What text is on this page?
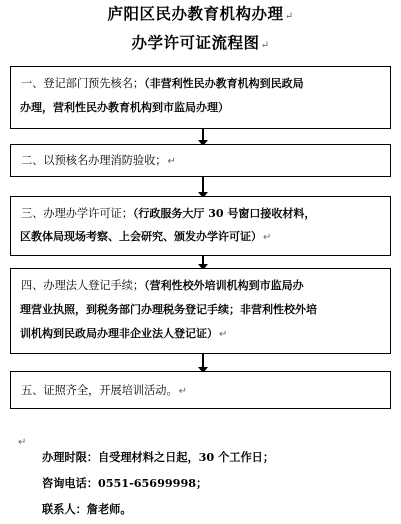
庐阳区民办教育机构办理↵
办学许可证流程图↵
一、登记部门预先核名；（非营利性民办教育机构到民政局
办理，营利性民办教育机构到市监局办理）
二、以预核名办理消防验收；↵
三、办理办学许可证；（行政服务大厅 30 号窗口接收材料，
区教体局现场考察、上会研究、颁发办学许可证）↵
四、办理法人登记手续；（营利性校外培训机构到市监局办
理营业执照，到税务部门办理税务登记手续；非营利性校外培
训机构到民政局办理非企业法人登记证）↵
五、证照齐全，开展培训活动。↵
↵
办理时限：自受理材料之日起，30 个工作日；
咨询电话：0551-65699998；
联系人：詹老师。
